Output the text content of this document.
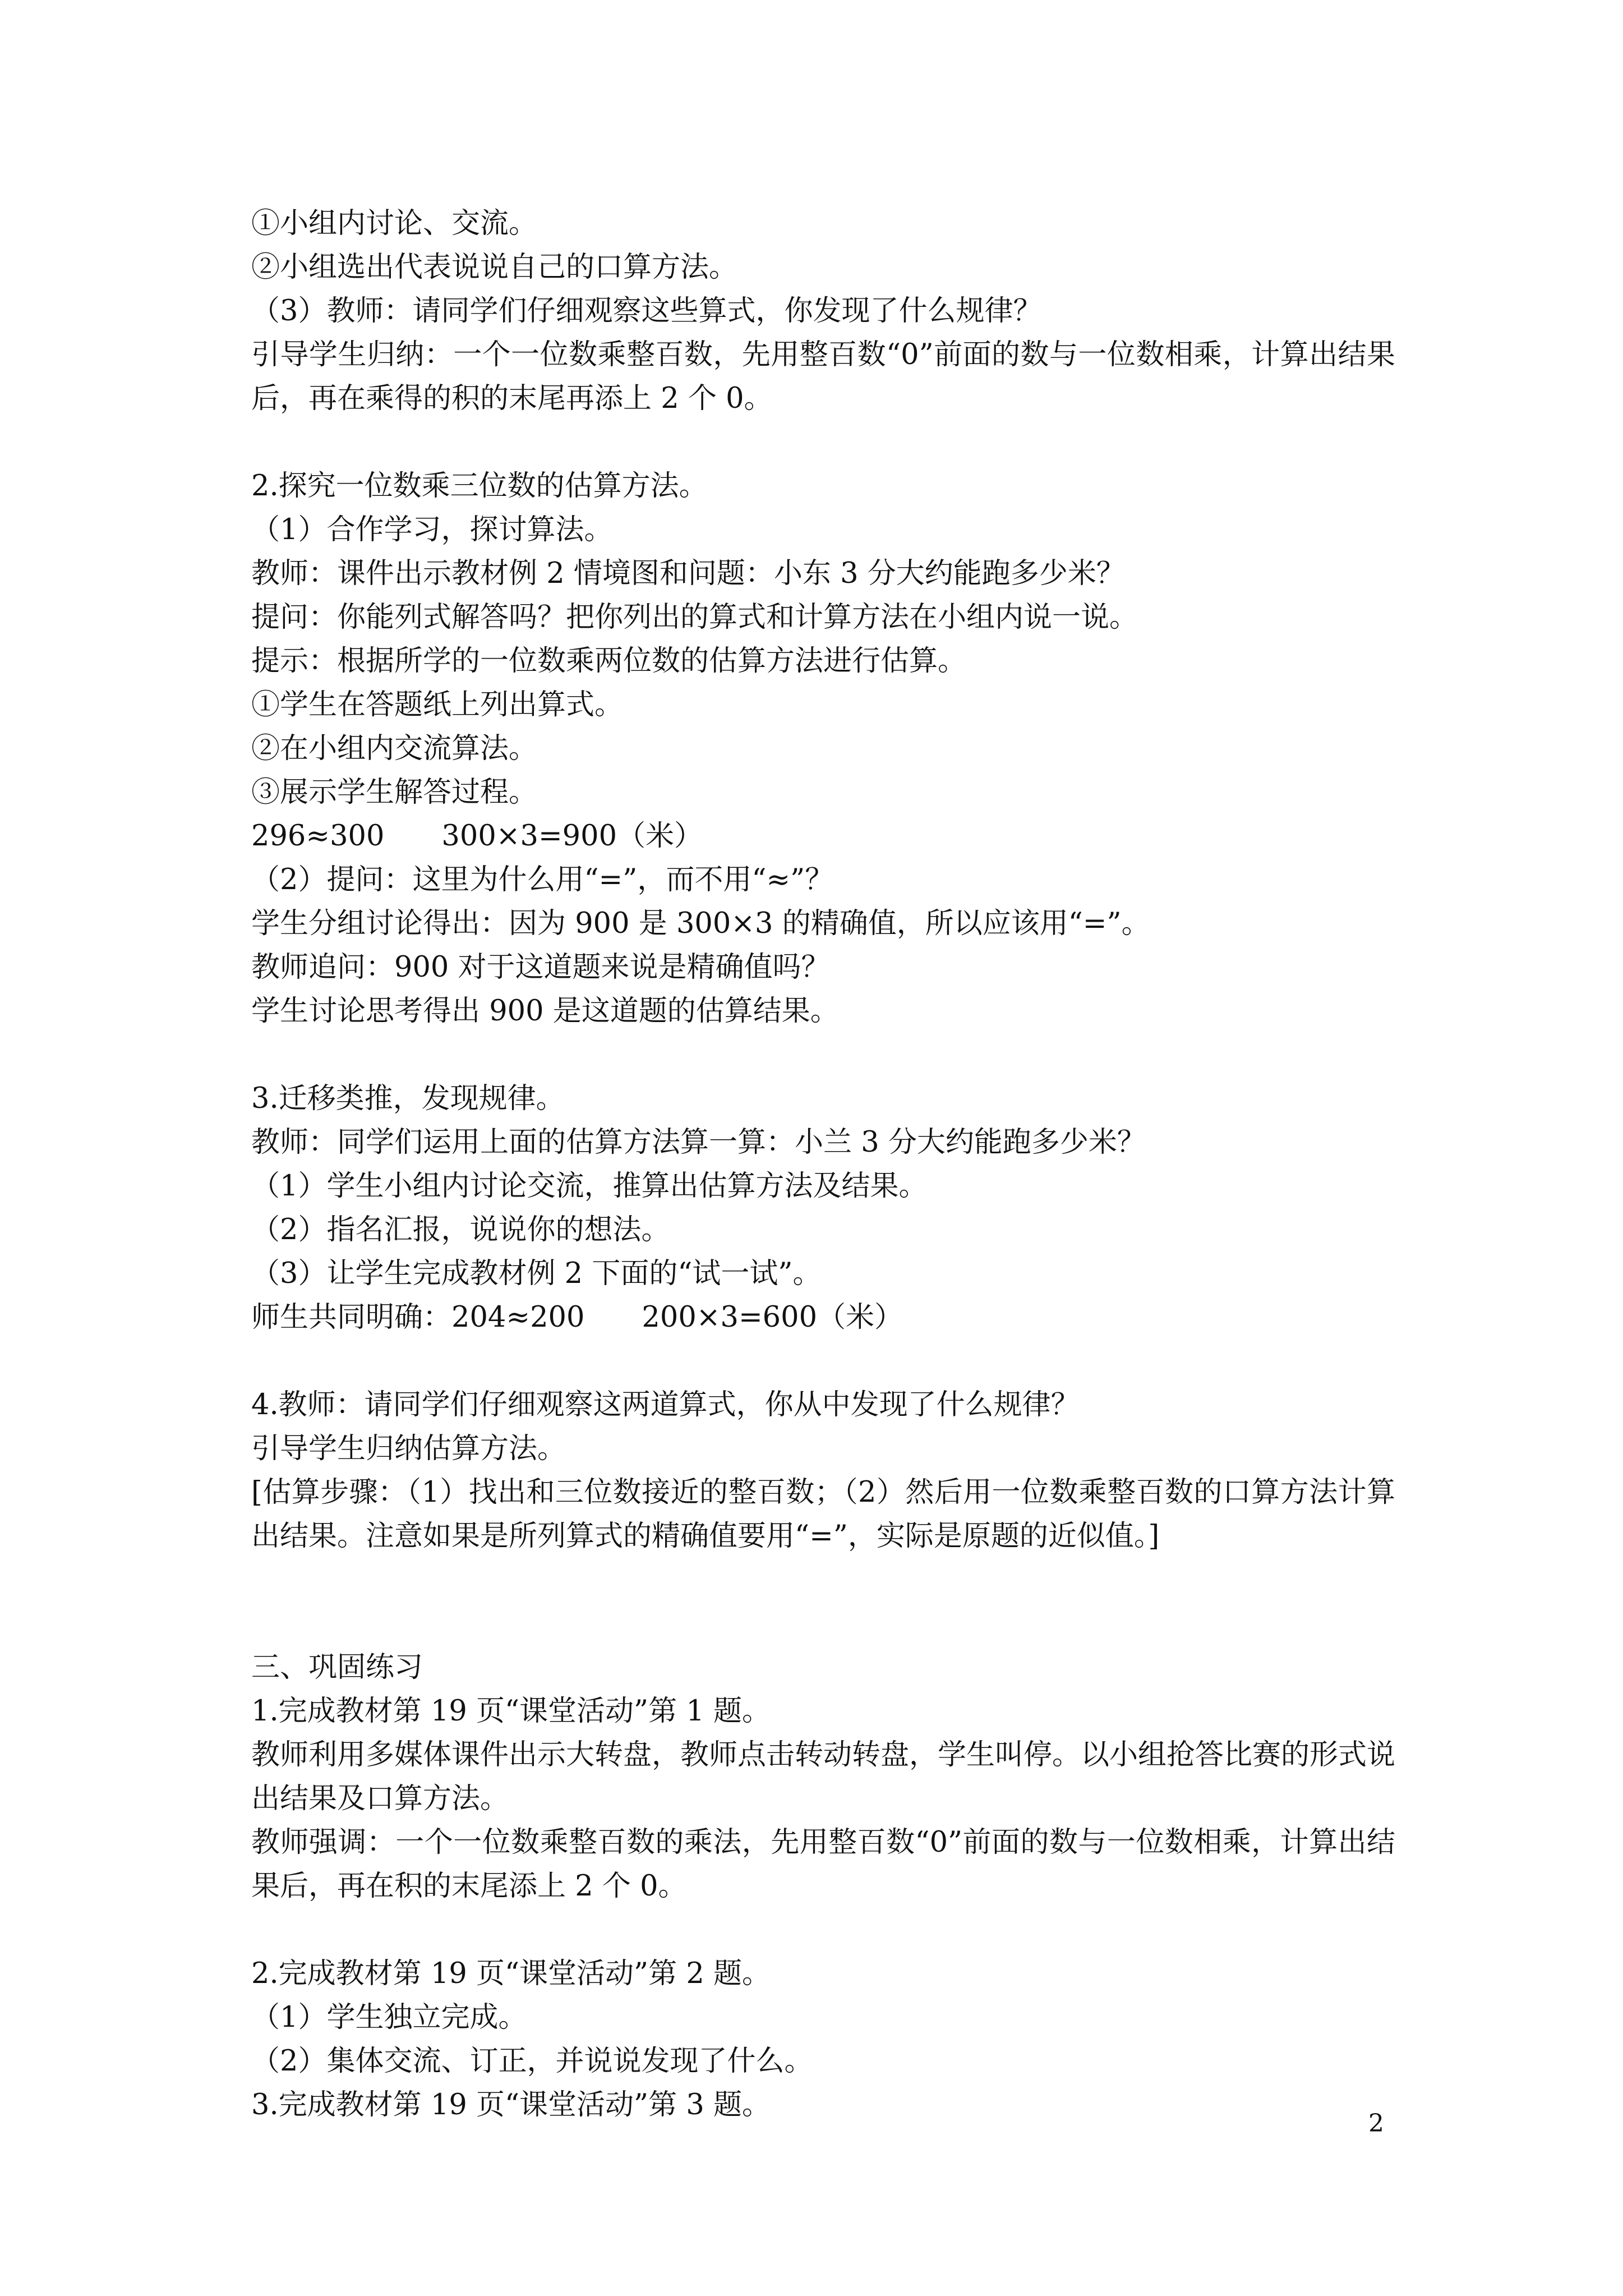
①小组内讨论、交流。
②小组选出代表说说自己的口算方法。
（3）教师：请同学们仔细观察这些算式，你发现了什么规律？
引导学生归纳：一个一位数乘整百数，先用整百数“0”前面的数与一位数相乘，计算出结果后，再在乘得的积的末尾再添上 2 个 0。
2.探究一位数乘三位数的估算方法。
（1）合作学习，探讨算法。
教师：课件出示教材例 2 情境图和问题：小东 3 分大约能跑多少米？
提问：你能列式解答吗？把你列出的算式和计算方法在小组内说一说。
提示：根据所学的一位数乘两位数的估算方法进行估算。
①学生在答题纸上列出算式。
②在小组内交流算法。
③展示学生解答过程。
296≈300　　300×3=900（米）
（2）提问：这里为什么用“=”，而不用“≈”？
学生分组讨论得出：因为 900 是 300×3 的精确值，所以应该用“=”。
教师追问：900 对于这道题来说是精确值吗？
学生讨论思考得出 900 是这道题的估算结果。
3.迁移类推，发现规律。
教师：同学们运用上面的估算方法算一算：小兰 3 分大约能跑多少米？
（1）学生小组内讨论交流，推算出估算方法及结果。
（2）指名汇报，说说你的想法。
（3）让学生完成教材例 2 下面的“试一试”。
师生共同明确：204≈200　　200×3=600（米）
4.教师：请同学们仔细观察这两道算式，你从中发现了什么规律？
引导学生归纳估算方法。
[估算步骤：（1）找出和三位数接近的整百数；（2）然后用一位数乘整百数的口算方法计算出结果。注意如果是所列算式的精确值要用“=”，实际是原题的近似值。]
三、巩固练习
1.完成教材第 19 页“课堂活动”第 1 题。
教师利用多媒体课件出示大转盘，教师点击转动转盘，学生叫停。以小组抢答比赛的形式说出结果及口算方法。
教师强调：一个一位数乘整百数的乘法，先用整百数“0”前面的数与一位数相乘，计算出结果后，再在积的末尾添上 2 个 0。
2.完成教材第 19 页“课堂活动”第 2 题。
（1）学生独立完成。
（2）集体交流、订正，并说说发现了什么。
3.完成教材第 19 页“课堂活动”第 3 题。
2
